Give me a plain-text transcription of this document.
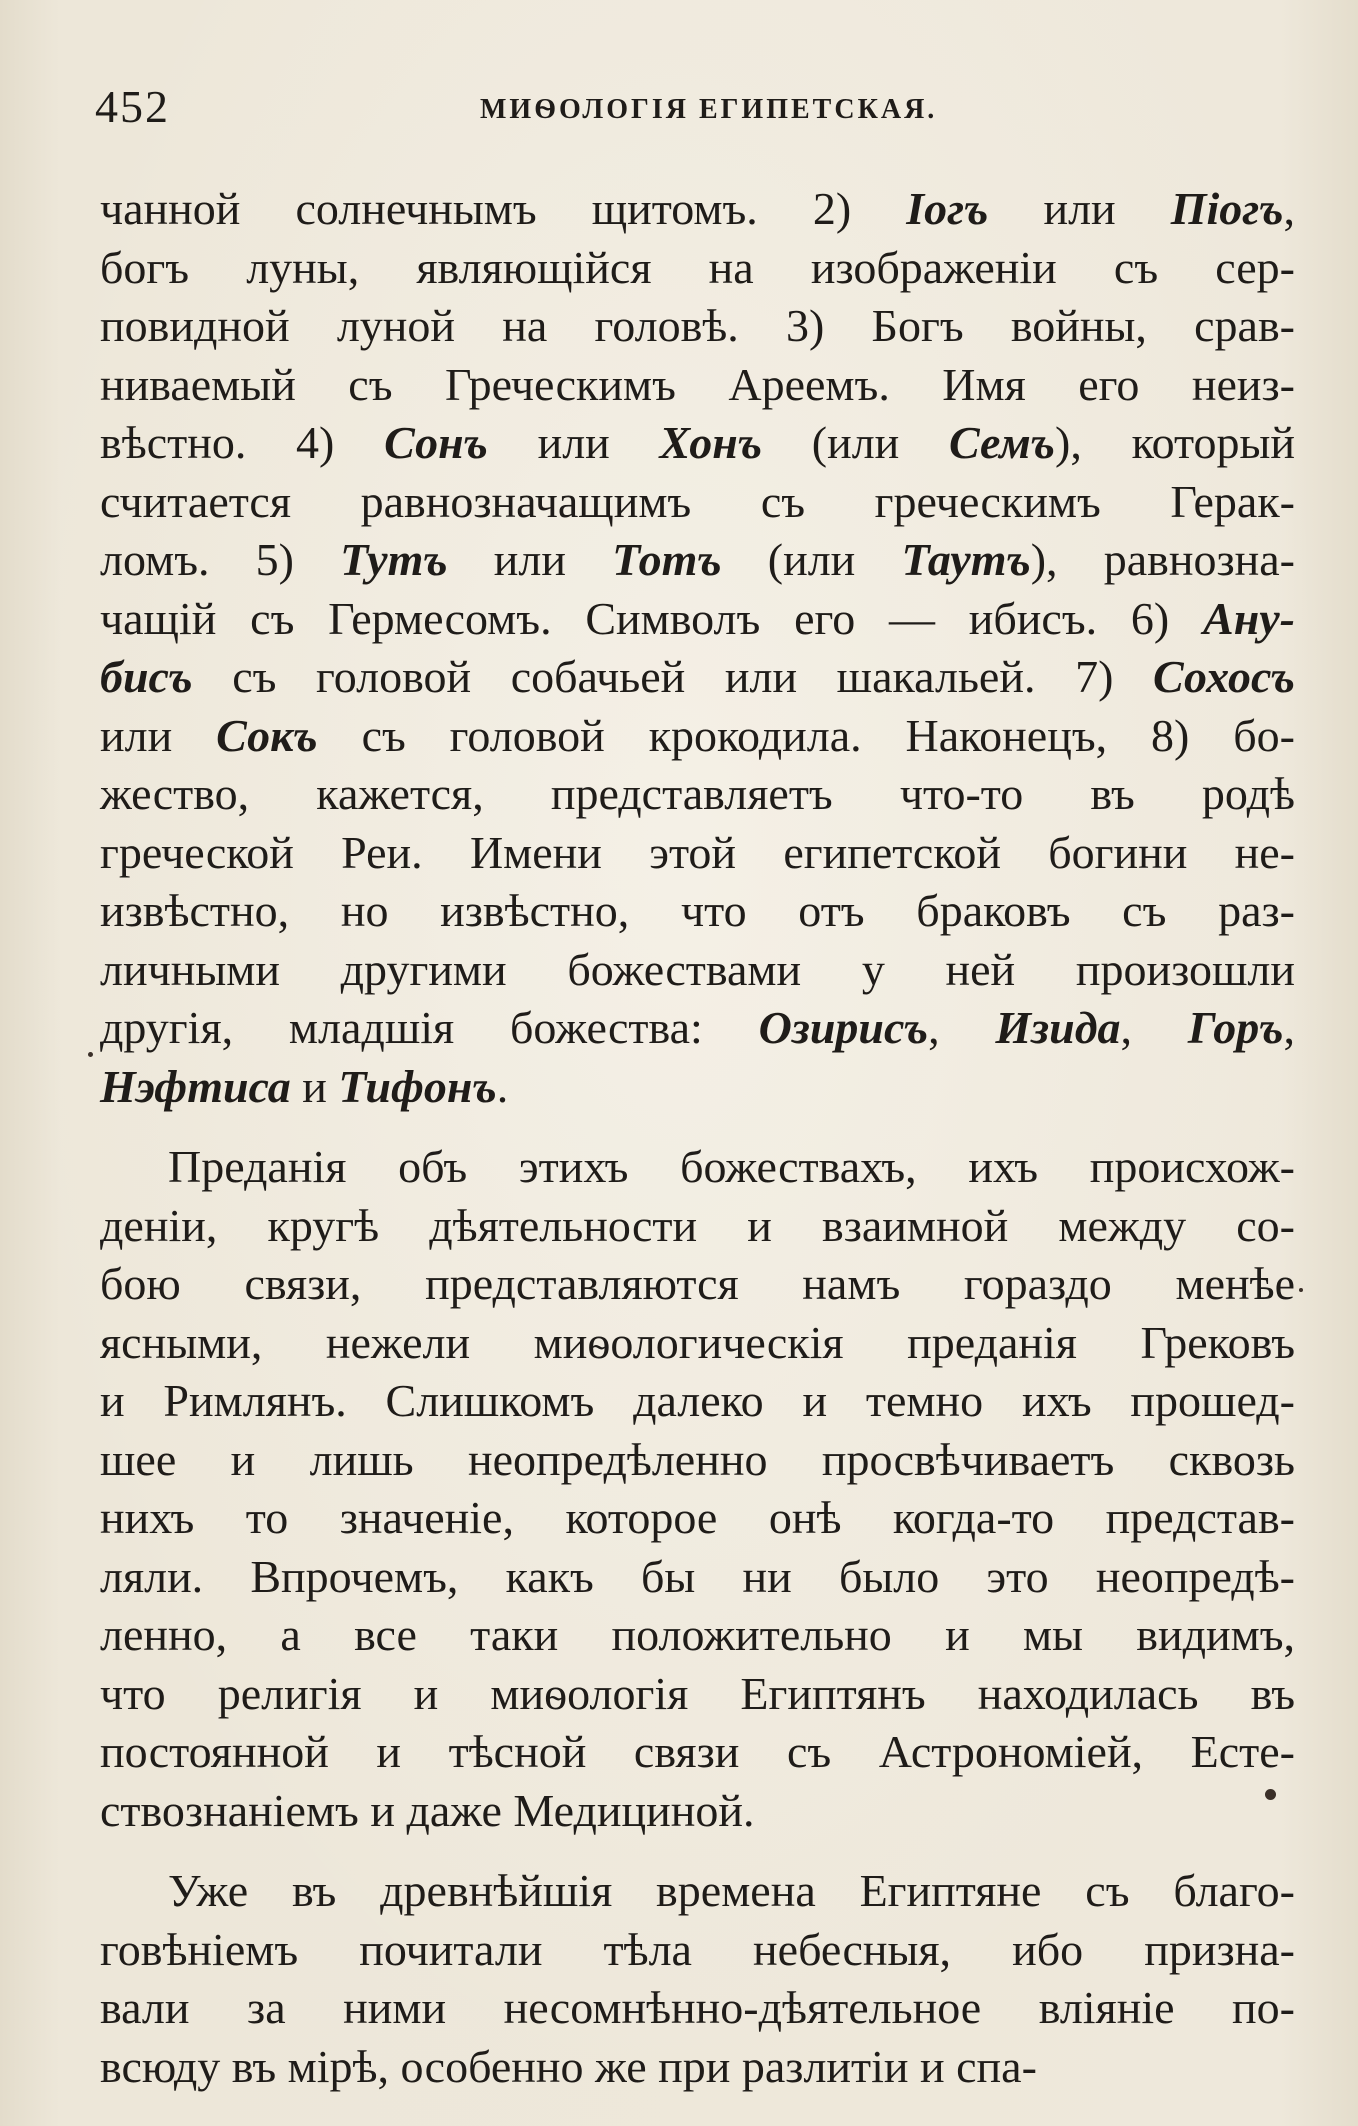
452	МИѲОЛОГІЯ ЕГИПЕТСКАЯ.
чанной солнечнымъ щитомъ. 2) Іогъ или Піогъ,
богъ луны, являющійся на изображеніи съ сер-
повидной луной на головѣ. 3) Богъ войны, срав-
ниваемый съ Греческимъ Ареемъ. Имя его неиз-
вѣстно. 4) Сонъ или Хонъ (или Семъ), который
считается равнозначащимъ съ греческимъ Герак-
ломъ. 5) Тутъ или Тотъ (или Таутъ), равнозна-
чащій съ Гермесомъ. Символъ его — ибисъ. 6) Ану-
бисъ съ головой собачьей или шакальей. 7) Сохосъ
или Сокъ съ головой крокодила. Наконецъ, 8) бо-
жество, кажется, представляетъ что-то въ родѣ
греческой Реи. Имени этой египетской богини не-
извѣстно, но извѣстно, что отъ браковъ съ раз-
личными другими божествами у ней произошли
другія, младшія божества: Озирисъ, Изида, Горъ,
Нэфтиса и Тифонъ.
Преданія объ этихъ божествахъ, ихъ происхож-
деніи, кругѣ дѣятельности и взаимной между со-
бою связи, представляются намъ гораздо менѣе
ясными, нежели миѳологическія преданія Грековъ
и Римлянъ. Слишкомъ далеко и темно ихъ прошед-
шее и лишь неопредѣленно просвѣчиваетъ сквозь
нихъ то значеніе, которое онѣ когда-то представ-
ляли. Впрочемъ, какъ бы ни было это неопредѣ-
ленно, а все таки положительно и мы видимъ,
что религія и миѳологія Египтянъ находилась въ
постоянной и тѣсной связи съ Астрономіей, Есте-
ствознаніемъ и даже Медициной.
Уже въ древнѣйшія времена Египтяне съ благо-
говѣніемъ почитали тѣла небесныя, ибо призна-
вали за ними несомнѣнно-дѣятельное вліяніе по-
всюду въ мірѣ, особенно же при разлитіи и спа-
